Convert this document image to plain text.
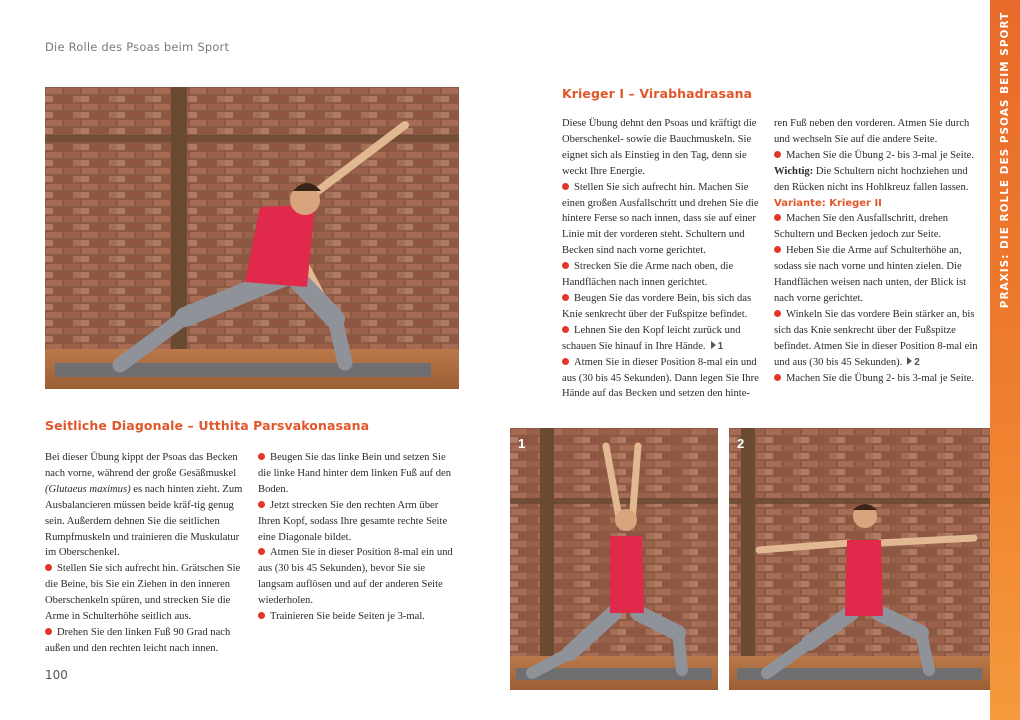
Die Rolle des Psoas beim Sport
100
PRAXIS: DIE ROLLE DES PSOAS BEIM SPORT
Krieger I – Virabhadrasana

Diese Übung dehnt den Psoas und kräftigt die Oberschenkel- sowie die Bauchmuskeln. Sie eignet sich als Einstieg in den Tag, denn sie weckt Ihre Energie.

Stellen Sie sich aufrecht hin. Machen Sie einen großen Ausfallschritt und drehen Sie die hintere Ferse so nach innen, dass sie auf einer Linie mit der vorderen steht. Schultern und Becken sind nach vorne gerichtet.

Strecken Sie die Arme nach oben, die Handflächen nach innen gerichtet.

Beugen Sie das vordere Bein, bis sich das Knie senkrecht über der Fußspitze befindet.

Lehnen Sie den Kopf leicht zurück und schauen Sie hinauf in Ihre Hände. 1

Atmen Sie in dieser Position 8-mal ein und aus (30 bis 45 Sekunden). Dann legen Sie Ihre Hände auf das Becken und setzen den hinte-

ren Fuß neben den vorderen. Atmen Sie durch und wechseln Sie auf die andere Seite.

Machen Sie die Übung 2- bis 3-mal je Seite.

Wichtig: Die Schultern nicht hochziehen und den Rücken nicht ins Hohlkreuz fallen lassen.

Variante: Krieger II

Machen Sie den Ausfallschritt, drehen Schultern und Becken jedoch zur Seite.

Heben Sie die Arme auf Schulterhöhe an, sodass sie nach vorne und hinten zielen. Die Handflächen weisen nach unten, der Blick ist nach vorne gerichtet.

Winkeln Sie das vordere Bein stärker an, bis sich das Knie senkrecht über der Fußspitze befindet. Atmen Sie in dieser Position 8-mal ein und aus (30 bis 45 Sekunden). 2

Machen Sie die Übung 2- bis 3-mal je Seite.

Seitliche Diagonale – Utthita Parsvakonasana

Bei dieser Übung kippt der Psoas das Becken nach vorne, während der große Gesäßmuskel (Glutaeus maximus) es nach hinten zieht. Zum Ausbalancieren müssen beide kräf-tig genug sein. Außerdem dehnen Sie die seitlichen Rumpfmuskeln und trainieren die Muskulatur im Oberschenkel.

Stellen Sie sich aufrecht hin. Grätschen Sie die Beine, bis Sie ein Ziehen in den inneren Oberschenkeln spüren, und strecken Sie die Arme in Schulterhöhe seitlich aus.

Drehen Sie den linken Fuß 90 Grad nach außen und den rechten leicht nach innen.

Beugen Sie das linke Bein und setzen Sie die linke Hand hinter dem linken Fuß auf den Boden.

Jetzt strecken Sie den rechten Arm über Ihren Kopf, sodass Ihre gesamte rechte Seite eine Diagonale bildet.

Atmen Sie in dieser Position 8-mal ein und aus (30 bis 45 Sekunden), bevor Sie sie langsam auflösen und auf der anderen Seite wiederholen.

Trainieren Sie beide Seiten je 3-mal.

1	2
